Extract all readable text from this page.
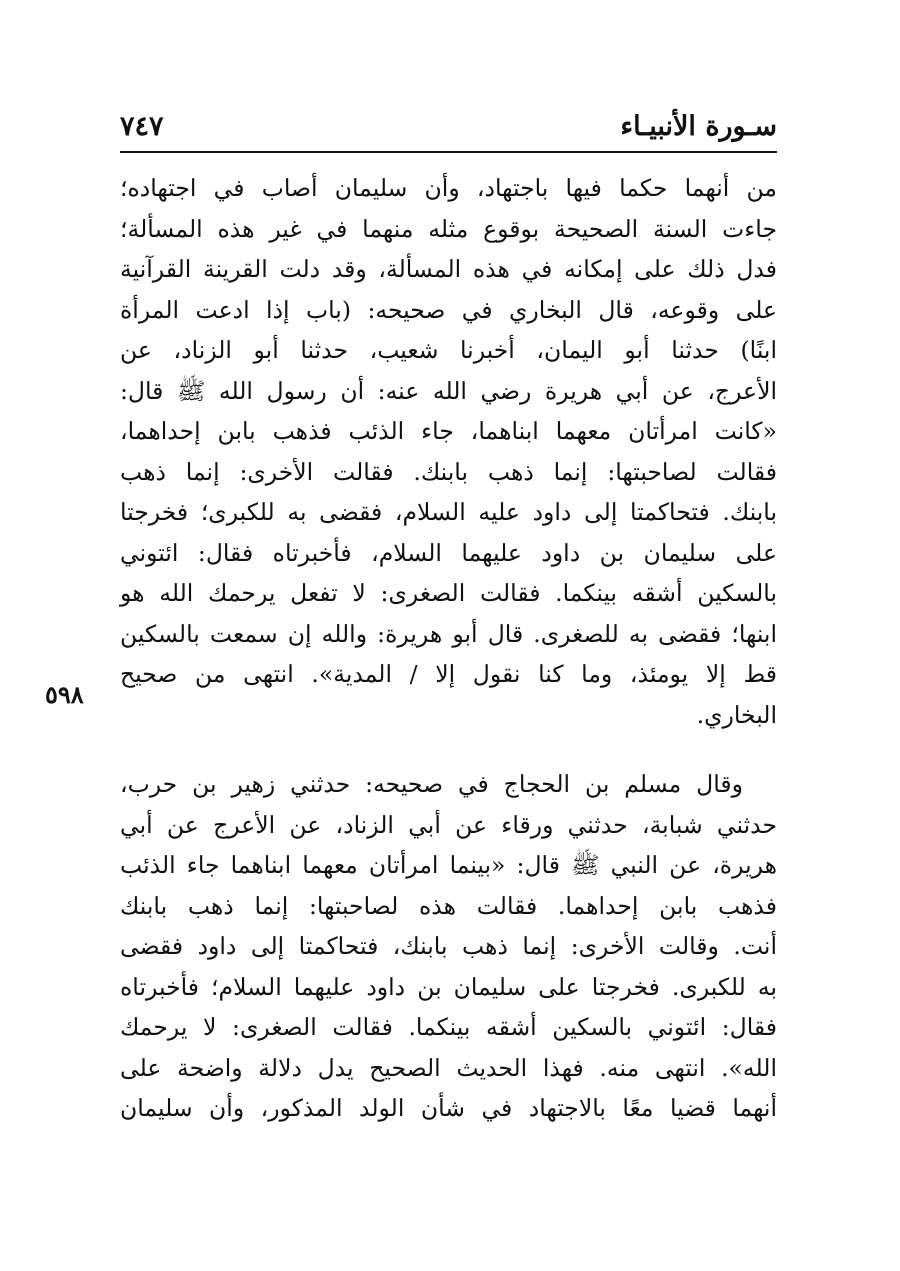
سـورة الأنبيـاء
٧٤٧
٥٩٨
من أنهما حكما فيها باجتهاد، وأن سليمان أصاب في اجتهاده؛
جاءت السنة الصحيحة بوقوع مثله منهما في غير هذه المسألة؛
فدل ذلك على إمكانه في هذه المسألة، وقد دلت القرينة القرآنية
على وقوعه، قال البخاري في صحيحه: (باب إذا ادعت المرأة
ابنًا) حدثنا أبو اليمان، أخبرنا شعيب، حدثنا أبو الزناد، عن
الأعرج، عن أبي هريرة رضي الله عنه: أن رسول الله ﷺ قال:
«كانت امرأتان معهما ابناهما، جاء الذئب فذهب بابن إحداهما،
فقالت لصاحبتها: إنما ذهب بابنك. فقالت الأخرى: إنما ذهب
بابنك. فتحاكمتا إلى داود عليه السلام، فقضى به للكبرى؛ فخرجتا
على سليمان بن داود عليهما السلام، فأخبرتاه فقال: ائتوني
بالسكين أشقه بينكما. فقالت الصغرى: لا تفعل يرحمك الله هو
ابنها؛ فقضى به للصغرى. قال أبو هريرة: والله إن سمعت بالسكين
قط إلا يومئذ، وما كنا نقول إلا / المدية». انتهى من صحيح
البخاري.
وقال مسلم بن الحجاج في صحيحه: حدثني زهير بن حرب،
حدثني شبابة، حدثني ورقاء عن أبي الزناد، عن الأعرج عن أبي
هريرة، عن النبي ﷺ قال: «بينما امرأتان معهما ابناهما جاء الذئب
فذهب بابن إحداهما. فقالت هذه لصاحبتها: إنما ذهب بابنك
أنت. وقالت الأخرى: إنما ذهب بابنك، فتحاكمتا إلى داود فقضى
به للكبرى. فخرجتا على سليمان بن داود عليهما السلام؛ فأخبرتاه
فقال: ائتوني بالسكين أشقه بينكما. فقالت الصغرى: لا يرحمك
الله». انتهى منه. فهذا الحديث الصحيح يدل دلالة واضحة على
أنهما قضيا معًا بالاجتهاد في شأن الولد المذكور، وأن سليمان
